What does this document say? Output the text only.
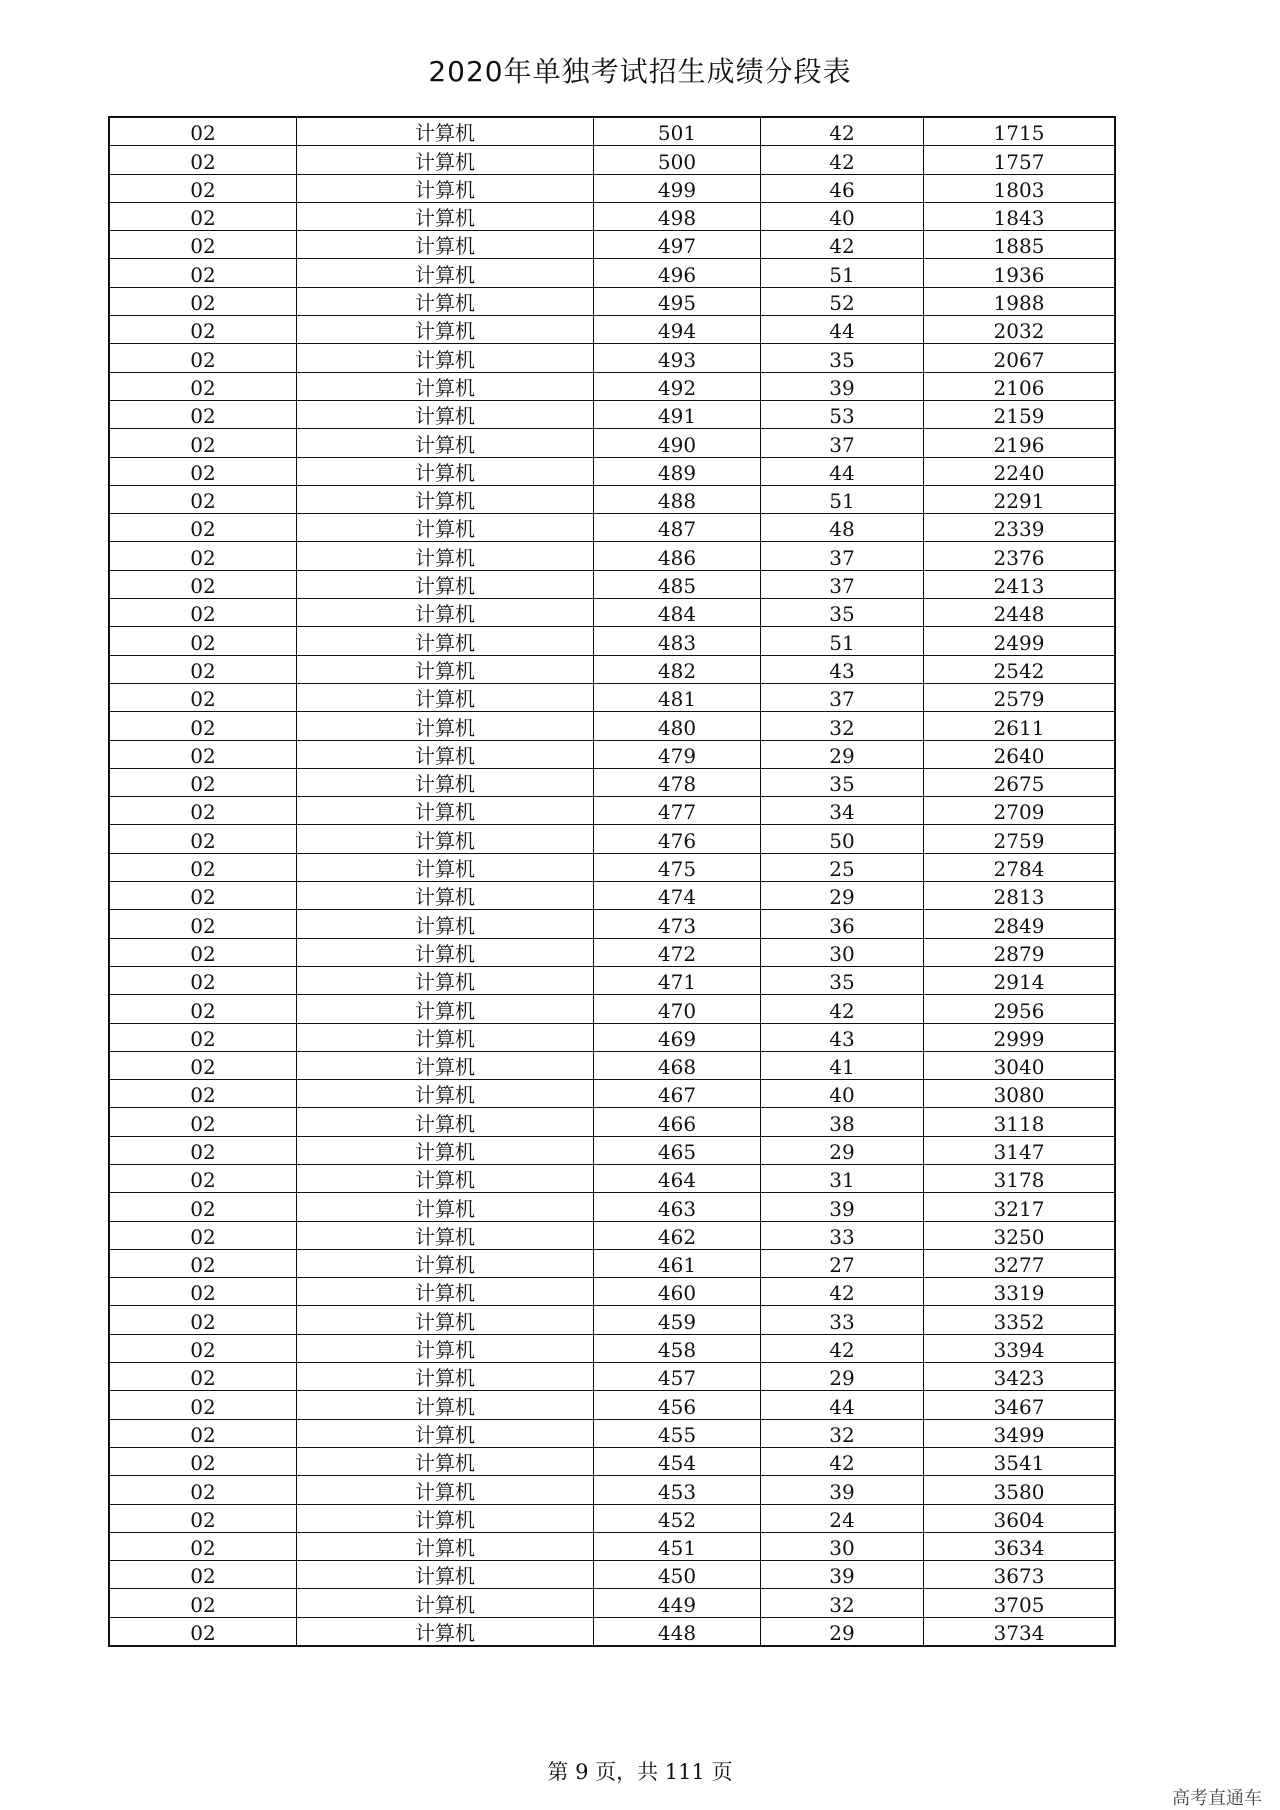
2020年单独考试招生成绩分段表
02	计算机	501	42	1715
02	计算机	500	42	1757
02	计算机	499	46	1803
02	计算机	498	40	1843
02	计算机	497	42	1885
02	计算机	496	51	1936
02	计算机	495	52	1988
02	计算机	494	44	2032
02	计算机	493	35	2067
02	计算机	492	39	2106
02	计算机	491	53	2159
02	计算机	490	37	2196
02	计算机	489	44	2240
02	计算机	488	51	2291
02	计算机	487	48	2339
02	计算机	486	37	2376
02	计算机	485	37	2413
02	计算机	484	35	2448
02	计算机	483	51	2499
02	计算机	482	43	2542
02	计算机	481	37	2579
02	计算机	480	32	2611
02	计算机	479	29	2640
02	计算机	478	35	2675
02	计算机	477	34	2709
02	计算机	476	50	2759
02	计算机	475	25	2784
02	计算机	474	29	2813
02	计算机	473	36	2849
02	计算机	472	30	2879
02	计算机	471	35	2914
02	计算机	470	42	2956
02	计算机	469	43	2999
02	计算机	468	41	3040
02	计算机	467	40	3080
02	计算机	466	38	3118
02	计算机	465	29	3147
02	计算机	464	31	3178
02	计算机	463	39	3217
02	计算机	462	33	3250
02	计算机	461	27	3277
02	计算机	460	42	3319
02	计算机	459	33	3352
02	计算机	458	42	3394
02	计算机	457	29	3423
02	计算机	456	44	3467
02	计算机	455	32	3499
02	计算机	454	42	3541
02	计算机	453	39	3580
02	计算机	452	24	3604
02	计算机	451	30	3634
02	计算机	450	39	3673
02	计算机	449	32	3705
02	计算机	448	29	3734
第 9 页，共 111 页
高考直通车
